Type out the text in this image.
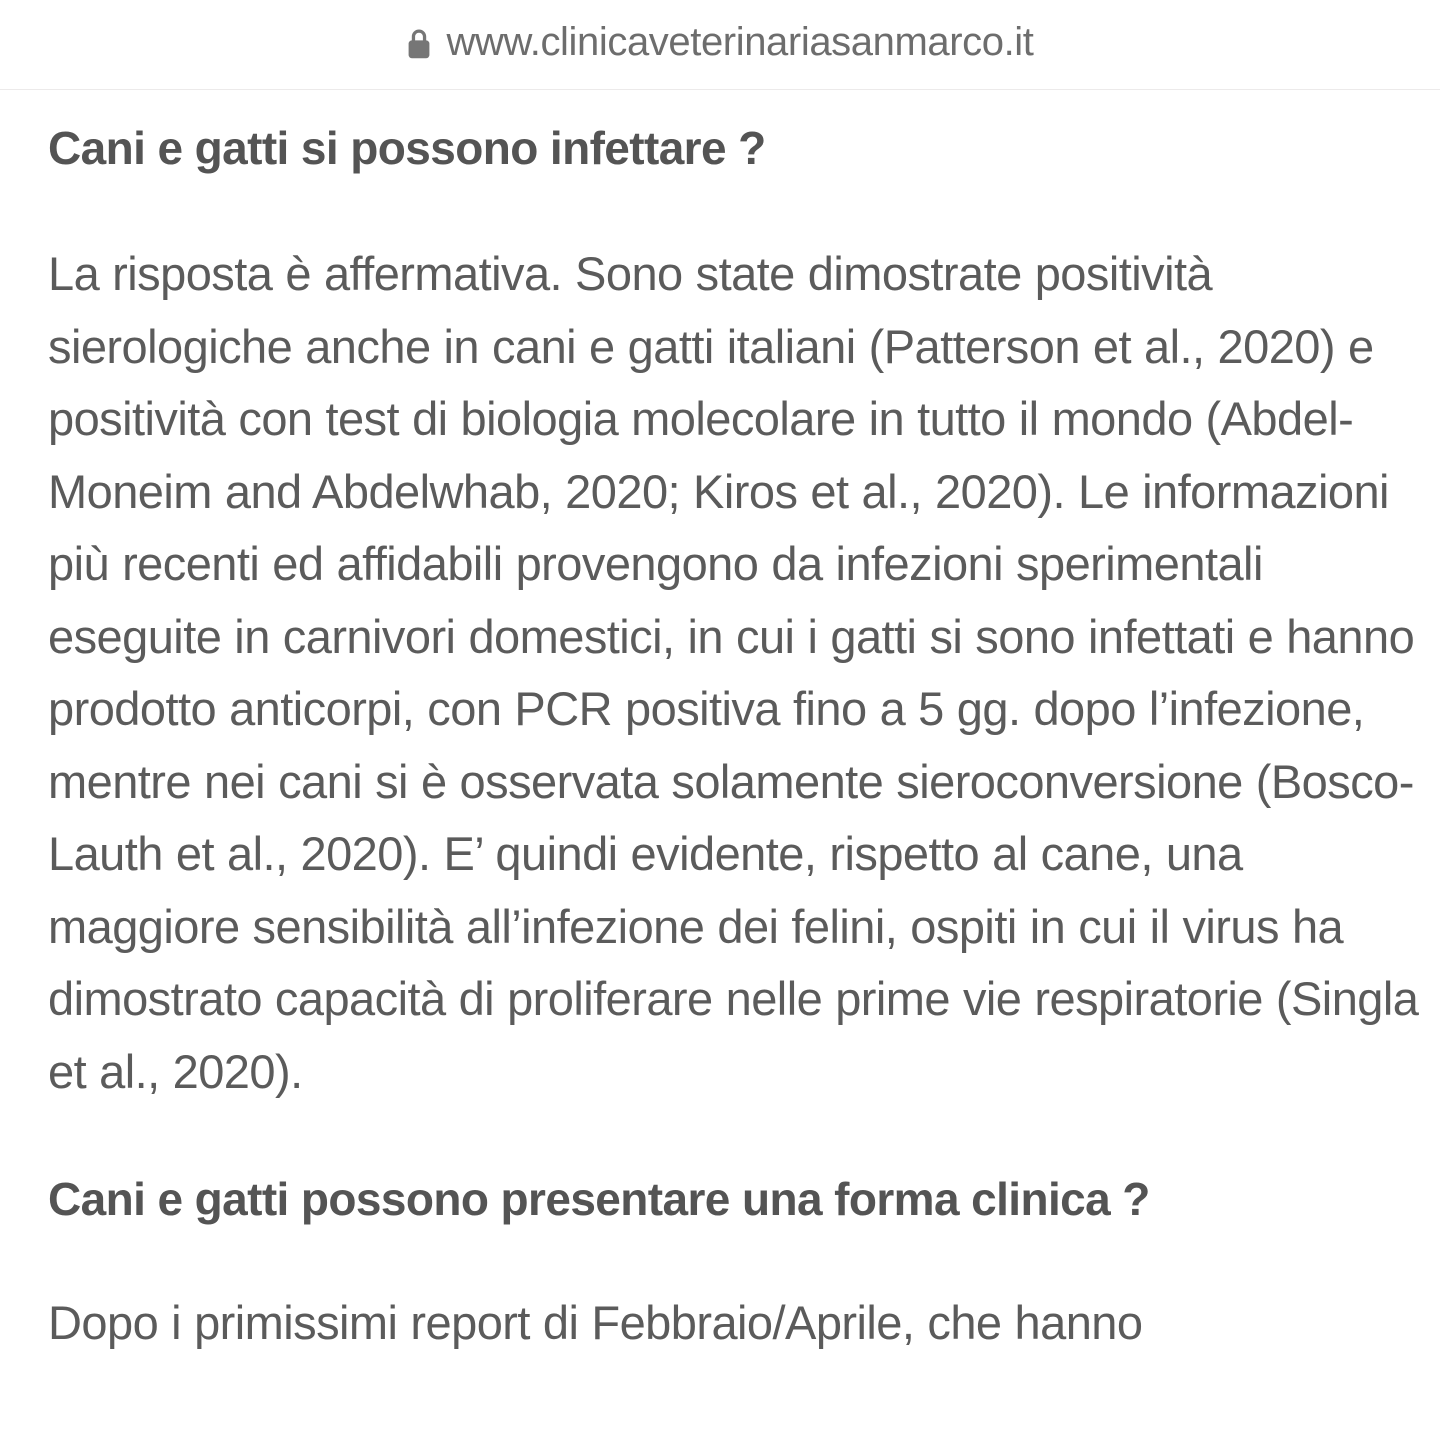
www.clinicaveterinariasanmarco.it
Cani e gatti si possono infettare ?

La risposta è affermativa. Sono state dimostrate positività sierologiche anche in cani e gatti italiani (Patterson et al., 2020) e positività con test di biologia molecolare in tutto il mondo (Abdel-Moneim and Abdelwhab, 2020; Kiros et al., 2020). Le informazioni più recenti ed affidabili provengono da infezioni sperimentali eseguite in carnivori domestici, in cui i gatti si sono infettati e hanno prodotto anticorpi, con PCR positiva fino a 5 gg. dopo l’infezione, mentre nei cani si è osservata solamente sieroconversione (Bosco-Lauth et al., 2020). E’ quindi evidente, rispetto al cane, una maggiore sensibilità all’infezione dei felini, ospiti in cui il virus ha dimostrato capacità di proliferare nelle prime vie respiratorie (Singla et al., 2020).

Cani e gatti possono presentare una forma clinica ?

Dopo i primissimi report di Febbraio/Aprile, che hanno
